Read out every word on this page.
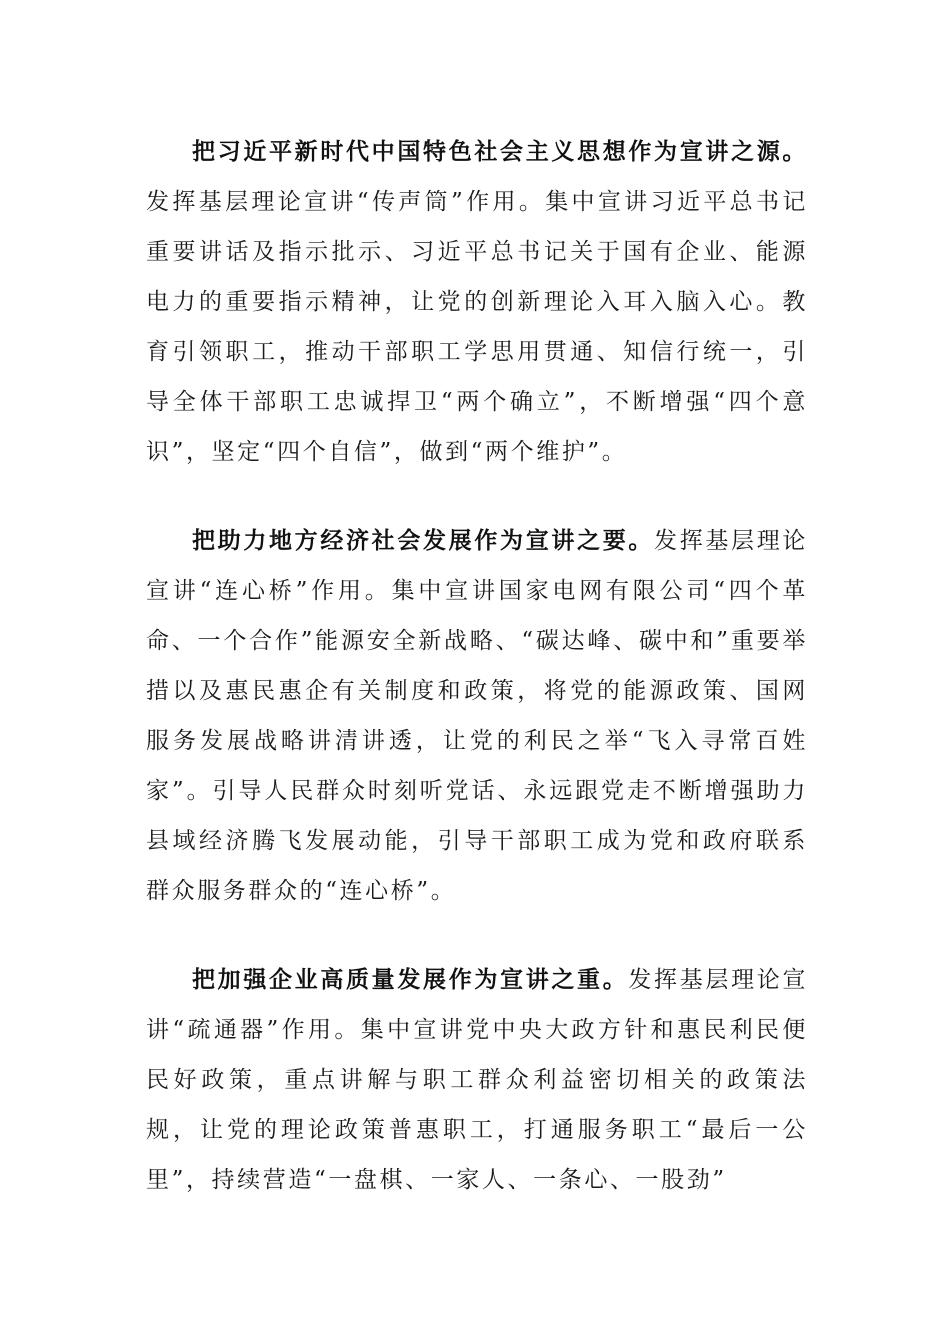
把习近平新时代中国特色社会主义思想作为宣讲之源。发挥基层理论宣讲“传声筒”作用。集中宣讲习近平总书记重要讲话及指示批示、习近平总书记关于国有企业、能源电力的重要指示精神，让党的创新理论入耳入脑入心。教育引领职工，推动干部职工学思用贯通、知信行统一，引导全体干部职工忠诚捍卫“两个确立”，不断增强“四个意识”，坚定“四个自信”，做到“两个维护”。

把助力地方经济社会发展作为宣讲之要。发挥基层理论宣讲“连心桥”作用。集中宣讲国家电网有限公司“四个革命、一个合作”能源安全新战略、“碳达峰、碳中和”重要举措以及惠民惠企有关制度和政策，将党的能源政策、国网服务发展战略讲清讲透，让党的利民之举“飞入寻常百姓家”。引导人民群众时刻听党话、永远跟党走不断增强助力县域经济腾飞发展动能，引导干部职工成为党和政府联系群众服务群众的“连心桥”。

把加强企业高质量发展作为宣讲之重。发挥基层理论宣讲“疏通器”作用。集中宣讲党中央大政方针和惠民利民便民好政策，重点讲解与职工群众利益密切相关的政策法规，让党的理论政策普惠职工，打通服务职工“最后一公里”，持续营造“一盘棋、一家人、一条心、一股劲”
